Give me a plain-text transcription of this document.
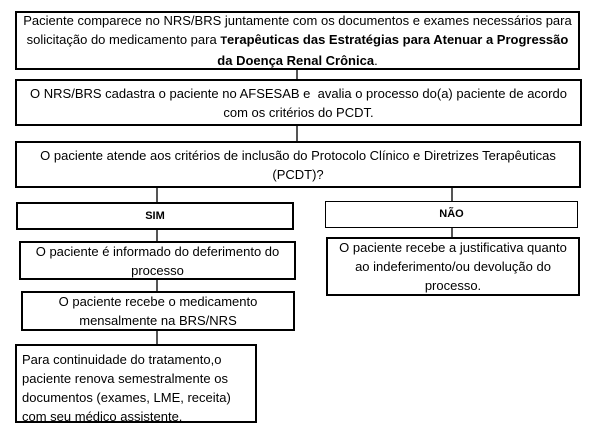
Paciente comparece no NRS/BRS juntamente com os documentos e exames necessários para solicitação do medicamento para Terapêuticas das Estratégias para Atenuar a Progressão da Doença Renal Crônica.
O NRS/BRS cadastra o paciente no AFSESAB e  avalia o processo do(a) paciente de acordo com os critérios do PCDT.
O paciente atende aos critérios de inclusão do Protocolo Clínico e Diretrizes Terapêuticas (PCDT)?
SIM	NÃO
O paciente é informado do deferimento do processo
O paciente recebe o medicamento mensalmente na BRS/NRS
Para continuidade do tratamento,o paciente renova semestralmente os documentos (exames, LME, receita) com seu médico assistente.
O paciente recebe a justificativa quanto ao indeferimento/ou devolução do processo.
